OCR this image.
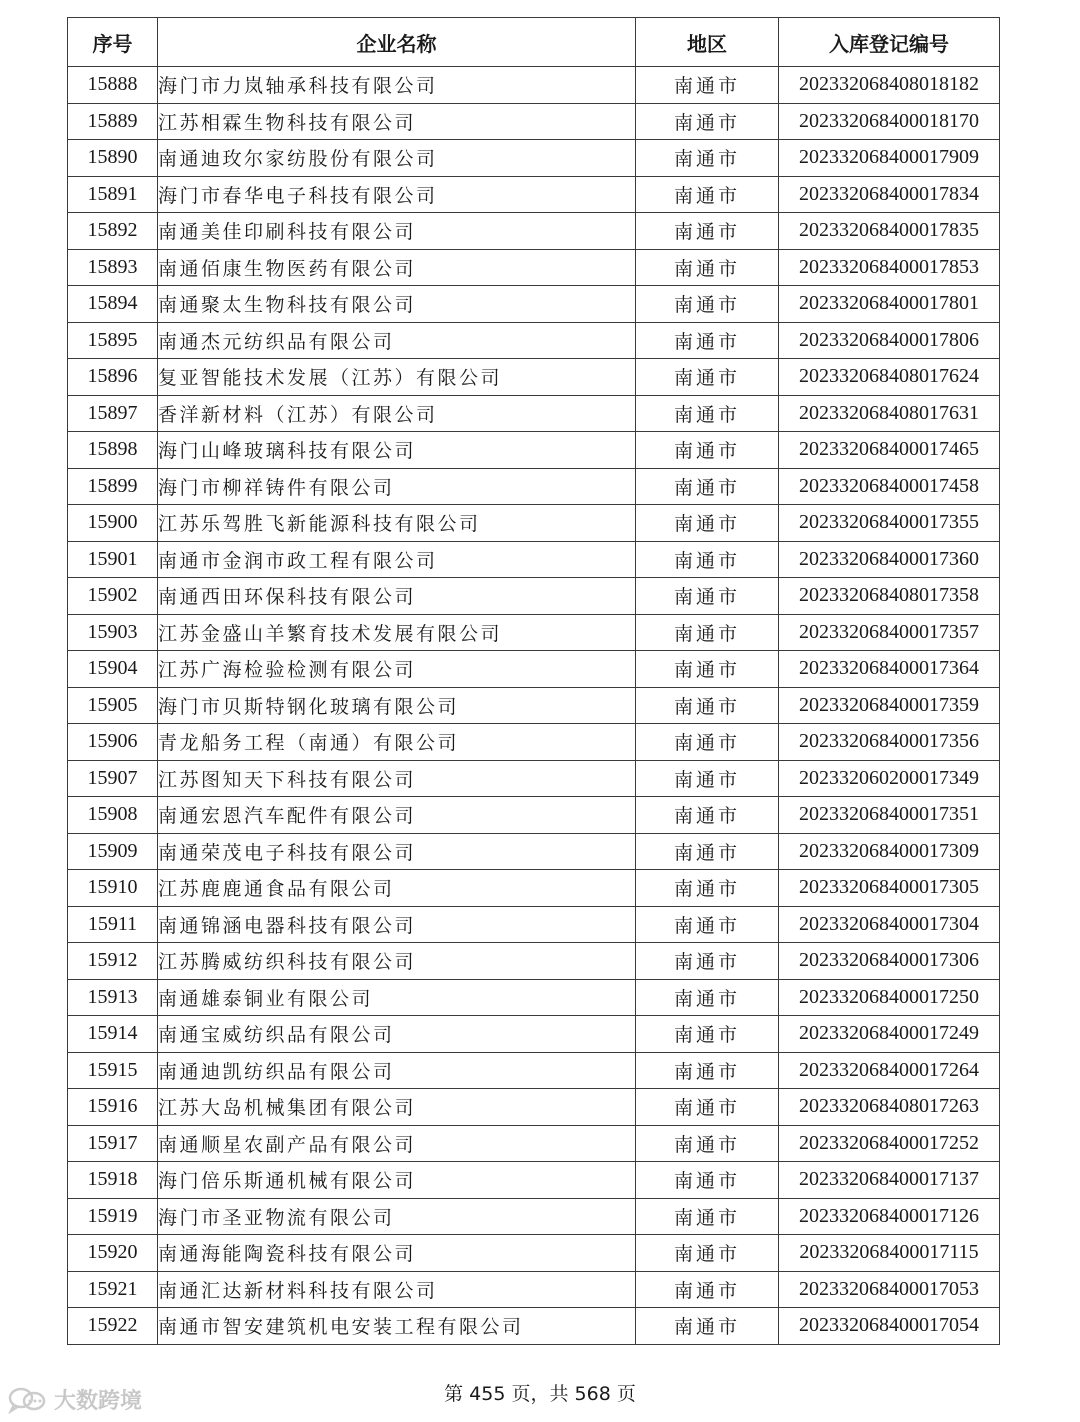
序号	企业名称	地区	入库登记编号
15888	海门市力岚轴承科技有限公司	南通市	202332068408018182
15889	江苏相霖生物科技有限公司	南通市	202332068400018170
15890	南通迪玫尔家纺股份有限公司	南通市	202332068400017909
15891	海门市春华电子科技有限公司	南通市	202332068400017834
15892	南通美佳印刷科技有限公司	南通市	202332068400017835
15893	南通佰康生物医药有限公司	南通市	202332068400017853
15894	南通聚太生物科技有限公司	南通市	202332068400017801
15895	南通杰元纺织品有限公司	南通市	202332068400017806
15896	复亚智能技术发展（江苏）有限公司	南通市	202332068408017624
15897	香洋新材料（江苏）有限公司	南通市	202332068408017631
15898	海门山峰玻璃科技有限公司	南通市	202332068400017465
15899	海门市柳祥铸件有限公司	南通市	202332068400017458
15900	江苏乐驾胜飞新能源科技有限公司	南通市	202332068400017355
15901	南通市金润市政工程有限公司	南通市	202332068400017360
15902	南通西田环保科技有限公司	南通市	202332068408017358
15903	江苏金盛山羊繁育技术发展有限公司	南通市	202332068400017357
15904	江苏广海检验检测有限公司	南通市	202332068400017364
15905	海门市贝斯特钢化玻璃有限公司	南通市	202332068400017359
15906	青龙船务工程（南通）有限公司	南通市	202332068400017356
15907	江苏图知天下科技有限公司	南通市	202332060200017349
15908	南通宏恩汽车配件有限公司	南通市	202332068400017351
15909	南通荣茂电子科技有限公司	南通市	202332068400017309
15910	江苏鹿鹿通食品有限公司	南通市	202332068400017305
15911	南通锦涵电器科技有限公司	南通市	202332068400017304
15912	江苏腾威纺织科技有限公司	南通市	202332068400017306
15913	南通雄泰铜业有限公司	南通市	202332068400017250
15914	南通宝威纺织品有限公司	南通市	202332068400017249
15915	南通迪凯纺织品有限公司	南通市	202332068400017264
15916	江苏大岛机械集团有限公司	南通市	202332068408017263
15917	南通顺星农副产品有限公司	南通市	202332068400017252
15918	海门倍乐斯通机械有限公司	南通市	202332068400017137
15919	海门市圣亚物流有限公司	南通市	202332068400017126
15920	南通海能陶瓷科技有限公司	南通市	202332068400017115
15921	南通汇达新材料科技有限公司	南通市	202332068400017053
15922	南通市智安建筑机电安装工程有限公司	南通市	202332068400017054
第 455 页，共 568 页
大数跨境
